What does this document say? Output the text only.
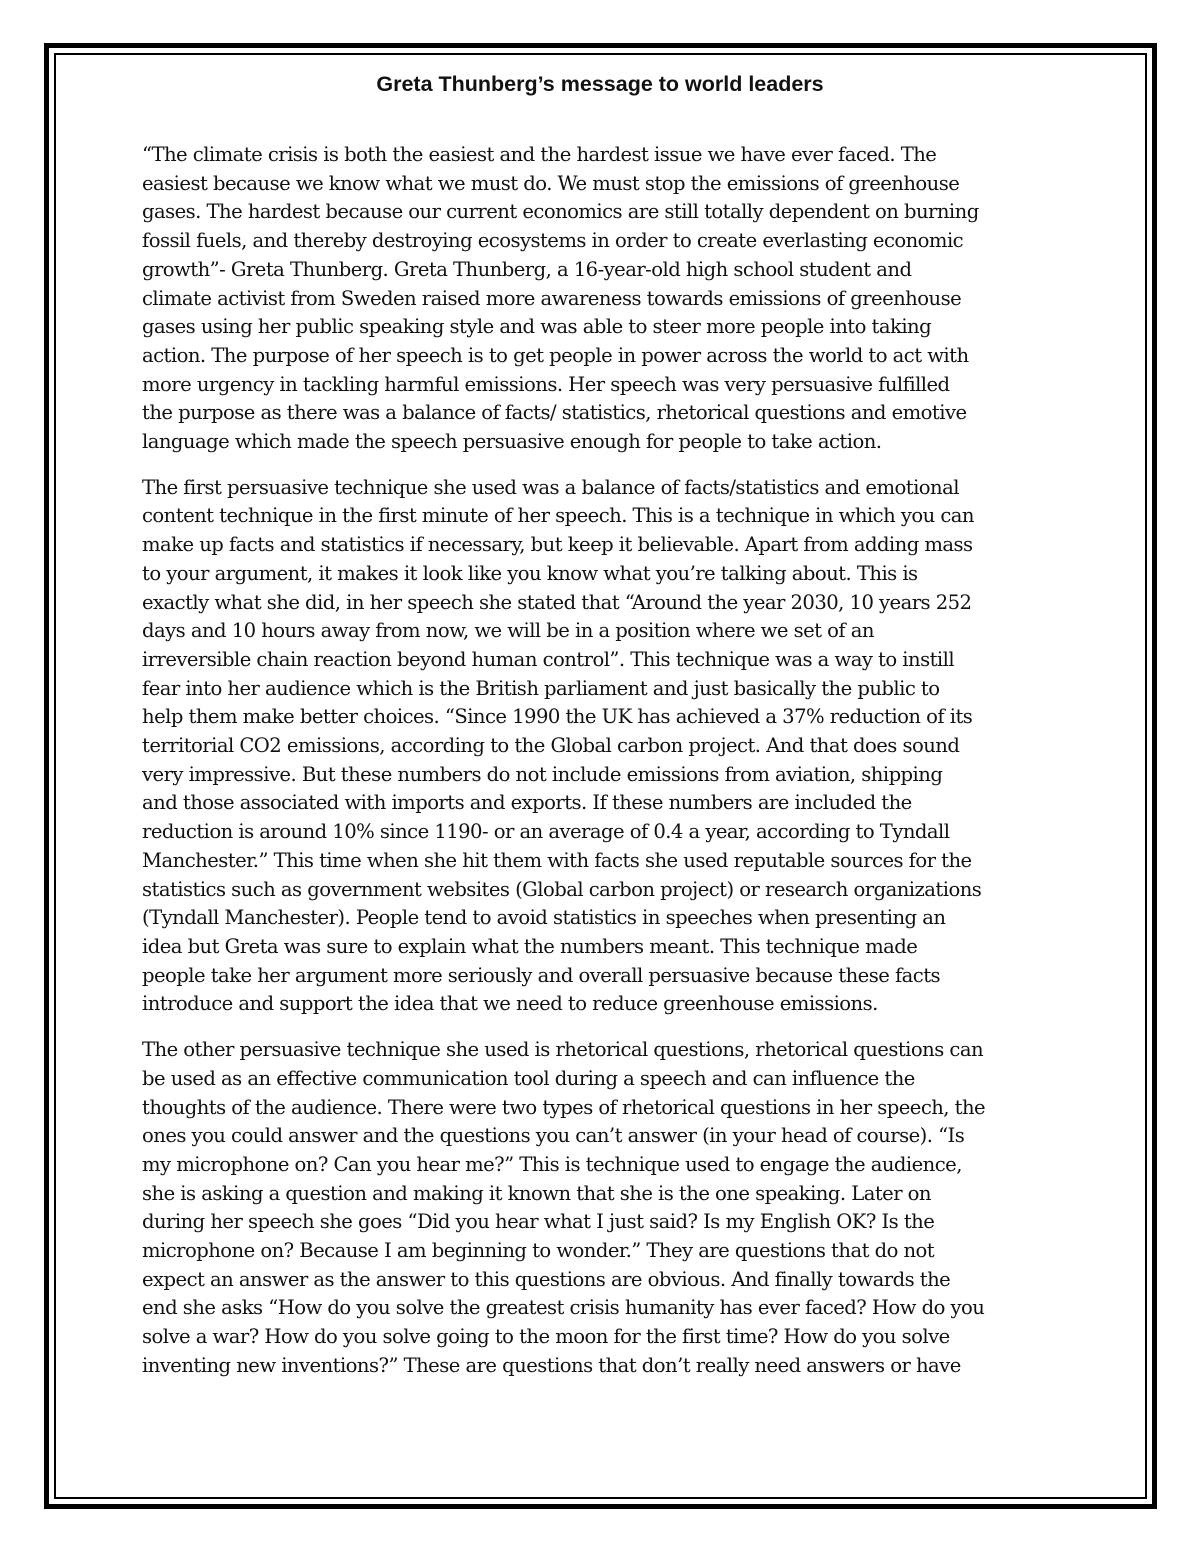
Greta Thunberg’s message to world leaders

“The climate crisis is both the easiest and the hardest issue we have ever faced. The
easiest because we know what we must do. We must stop the emissions of greenhouse
gases. The hardest because our current economics are still totally dependent on burning
fossil fuels, and thereby destroying ecosystems in order to create everlasting economic
growth”- Greta Thunberg. Greta Thunberg, a 16-year-old high school student and
climate activist from Sweden raised more awareness towards emissions of greenhouse
gases using her public speaking style and was able to steer more people into taking
action. The purpose of her speech is to get people in power across the world to act with
more urgency in tackling harmful emissions. Her speech was very persuasive fulfilled
the purpose as there was a balance of facts/ statistics, rhetorical questions and emotive
language which made the speech persuasive enough for people to take action.

The first persuasive technique she used was a balance of facts/statistics and emotional
content technique in the first minute of her speech. This is a technique in which you can
make up facts and statistics if necessary, but keep it believable. Apart from adding mass
to your argument, it makes it look like you know what you’re talking about. This is
exactly what she did, in her speech she stated that “Around the year 2030, 10 years 252
days and 10 hours away from now, we will be in a position where we set of an
irreversible chain reaction beyond human control”. This technique was a way to instill
fear into her audience which is the British parliament and just basically the public to
help them make better choices. “Since 1990 the UK has achieved a 37% reduction of its
territorial CO2 emissions, according to the Global carbon project. And that does sound
very impressive. But these numbers do not include emissions from aviation, shipping
and those associated with imports and exports. If these numbers are included the
reduction is around 10% since 1190- or an average of 0.4 a year, according to Tyndall
Manchester.” This time when she hit them with facts she used reputable sources for the
statistics such as government websites (Global carbon project) or research organizations
(Tyndall Manchester). People tend to avoid statistics in speeches when presenting an
idea but Greta was sure to explain what the numbers meant. This technique made
people take her argument more seriously and overall persuasive because these facts
introduce and support the idea that we need to reduce greenhouse emissions.

The other persuasive technique she used is rhetorical questions, rhetorical questions can
be used as an effective communication tool during a speech and can influence the
thoughts of the audience. There were two types of rhetorical questions in her speech, the
ones you could answer and the questions you can’t answer (in your head of course). “Is
my microphone on? Can you hear me?” This is technique used to engage the audience,
she is asking a question and making it known that she is the one speaking. Later on
during her speech she goes “Did you hear what I just said? Is my English OK? Is the
microphone on? Because I am beginning to wonder.” They are questions that do not
expect an answer as the answer to this questions are obvious. And finally towards the
end she asks “How do you solve the greatest crisis humanity has ever faced? How do you
solve a war? How do you solve going to the moon for the first time? How do you solve
inventing new inventions?” These are questions that don’t really need answers or have
